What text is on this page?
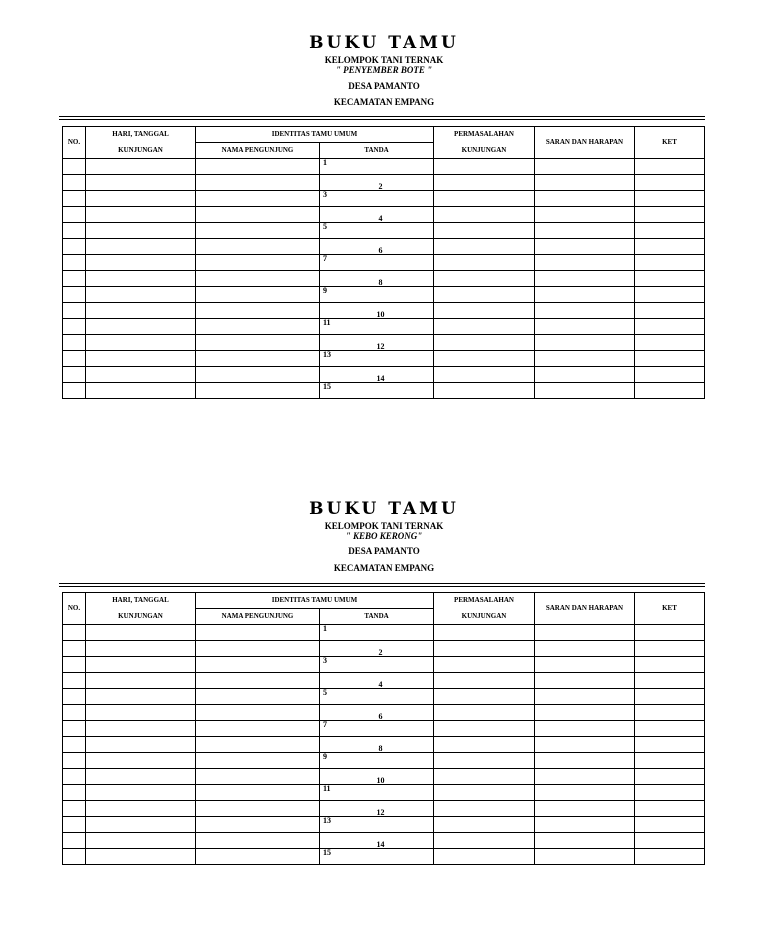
BUKU TAMU
KELOMPOK TANI TERNAK
" PENYEMBER BOTE "
DESA PAMANTO
KECAMATAN EMPANG
NO.	HARI, TANGGAL	IDENTITAS TAMU UMUM		PERMASALAHAN	SARAN DAN HARAPAN	KET
	KUNJUNGAN	NAMA PENGUNJUNG	TANDA	KUNJUNGAN		
			1			
			2			
			3			
			4			
			5			
			6			
			7			
			8			
			9			
			10			
			11			
			12			
			13			
			14			
			15			
BUKU TAMU
KELOMPOK TANI TERNAK
" KEBO KERONG"
DESA PAMANTO
KECAMATAN EMPANG
NO.	HARI, TANGGAL	IDENTITAS TAMU UMUM		PERMASALAHAN	SARAN DAN HARAPAN	KET
	KUNJUNGAN	NAMA PENGUNJUNG	TANDA	KUNJUNGAN		
			1			
			2			
			3			
			4			
			5			
			6			
			7			
			8			
			9			
			10			
			11			
			12			
			13			
			14			
			15			
